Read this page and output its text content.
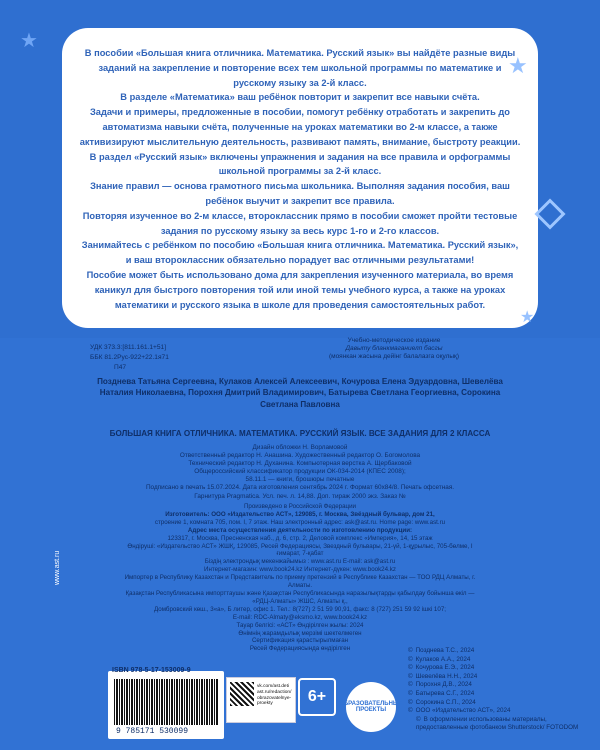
В пособии «Большая книга отличника. Математика. Русский язык» вы найдёте разные виды заданий на закрепление и повторение всех тем школьной программы по математике и русскому языку за 2-й класс.

В разделе «Математика» ваш ребёнок повторит и закрепит все навыки счёта.

Задачи и примеры, предложенные в пособии, помогут ребёнку отработать и закрепить до автоматизма навыки счёта, полученные на уроках математики во 2-м классе, а также активизируют мыслительную деятельность, развивают память, внимание, быстроту реакции.

В раздел «Русский язык» включены упражнения и задания на все правила и орфограммы школьной программы за 2-й класс.

Знание правил — основа грамотного письма школьника. Выполняя задания пособия, ваш ребёнок выучит и закрепит все правила.

Повторяя изученное во 2-м классе, второклассник прямо в пособии сможет пройти тестовые задания по русскому языку за весь курс 1-го и 2-го классов.

Занимайтесь с ребёнком по пособию «Большая книга отличника. Математика. Русский язык», и ваш второклассник обязательно порадует вас отличными результатами!

Пособие может быть использовано дома для закрепления изученного материала, во время каникул для быстрого повторения той или иной темы учебного курса, а также на уроках математики и русского языка в школе для проведения самостоятельных работ.

★
★
★
УДК 373.3:[811.161.1+51]
ББК 81.2Рус-922+22.1я71
П47
Учебно-методическое издание
Давыту бланкмаганиелп басгы
(моянкан жасына дейінг балалазга оқулық)
Позднева Татьяна Сергеевна, Кулаков Алексей Алексеевич, Кочурова Елена Эдуардовна, Шевелёва Наталия Николаевна, Порохня Дмитрий Владимирович, Батырева Светлана Георгиевна, Сорокина Светлана Павловна
БОЛЬШАЯ КНИГА ОТЛИЧНИКА. МАТЕМАТИКА. РУССКИЙ ЯЗЫК. ВСЕ ЗАДАНИЯ ДЛЯ 2 КЛАССА
Дизайн обложки Н. Ворламовой
Ответственный редактор Н. Анашина. Художественный редактор О. Богомолова
Технический редактор Н. Духанина. Компьютерная верстка А. Щербаковой
Общероссийский классификатор продукции ОК-034-2014 (КПЕС 2008);
58.11.1 — книги, брошюры печатные
Подписано в печать 15.07.2024. Дата изготовления сентябрь 2024 г. Формат 60х84/8. Печать офсетная.
Гарнитура Pragmatica. Усл. печ. л. 14,88. Доп. тираж 2000 экз. Заказ №
Произведено в Российской Федерации
Изготовитель: ООО «Издательство АСТ», 129085, г. Москва, Звёздный бульвар, дом 21,
строение 1, комната 705, пом. I, 7 этаж. Наш электронный адрес: ask@ast.ru. Home page: www.ast.ru
Адрес места осуществления деятельности по изготовлению продукции:
123317, г. Москва, Пресненская наб., д. 6, стр. 2, Деловой комплекс «Империя», 14, 15 этаж
Өндіруші: «Издательство АСТ» ЖШҚ, 129085, Ресей Федерациясы, Звездный бульвары, 21-үй, 1-құрылыс, 705-бөлме, I ғимарат, 7-қабат
Біздің электрондық мекенжайымыз : www.ast.ru E-mail: ask@ast.ru
Интернет-магазин: www.book24.kz Интернет-дүкен: www.book24.kz
Импортер в Республику Казахстан и Представитель по приему претензий в Республике Казахстан — ТОО РДЦ Алматы, г. Алматы.
Қазақстан Республикасына импорттаушы және Қазақстан Республикасында наразылықтарды қабылдау бойынша өкіл —
«РДЦ-Алматы» ЖШС, Алматы қ.,
Домбровский көш., 3«а», Б литер, офис 1. Тел.: 8(727) 2 51 59 90,91, факс: 8 (727) 251 59 92 ішкі 107;
E-mail: RDC-Almaty@eksmo.kz, www.book24.kz
Тауар белгісі: «АСТ» Өндірілген жылы: 2024
Өнімнің жарамдылық мерзімі шектелмеген
Сертификация қарастырылмаған
Ресей Федерациясында өндірілген
www.ast.ru
ISBN 978-5-17-153009-9
9 785171 530099
vk.com/ast.deti
ast.ru/redaction/
obrazovatelnye-proekty	6+	ОБРАЗОВАТЕЛЬНЫЕ ПРОЕКТЫ
© Позднева Т.С., 2024
© Кулаков А.А., 2024
© Кочурова Е.Э., 2024
© Шевелёва Н.Н., 2024
© Порохня Д.В., 2024
© Батырева С.Г., 2024
© Сорокина С.П., 2024
© ООО «Издательство АСТ», 2024
© В оформлении использованы материалы, предоставленные фотобанком Shutterstock/ FOTODOM
